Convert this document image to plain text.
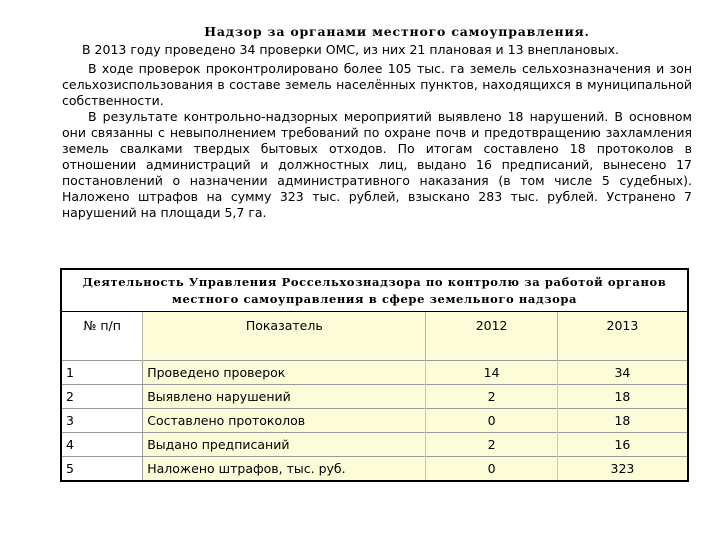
Надзор за органами местного самоуправления.

В 2013 году проведено 34 проверки ОМС, из них 21 плановая и 13 внеплановых.

В ходе проверок проконтролировано более 105 тыс. га земель сельхозназначения и зон сельхозиспользования в составе земель населённых пунктов, находящихся в муниципальной собственности.

В результате контрольно-надзорных мероприятий выявлено 18 нарушений. В основном они связанны с невыполнением требований по охране почв и предотвращению захламления земель свалками твердых бытовых отходов. По итогам составлено 18 протоколов в отношении администраций и должностных лиц, выдано 16 предписаний, вынесено 17 постановлений о назначении административного наказания (в том числе 5 судебных). Наложено штрафов на сумму 323 тыс. рублей, взыскано 283 тыс. рублей. Устранено 7 нарушений на площади 5,7 га.

Деятельность Управления Россельхознадзора по контролю за работой органов местного самоуправления в сфере земельного надзора			
№ п/п	Показатель	2012	2013
1	Проведено проверок	14	34
2	Выявлено нарушений	2	18
3	Составлено протоколов	0	18
4	Выдано предписаний	2	16
5	Наложено штрафов, тыс. руб.	0	323
